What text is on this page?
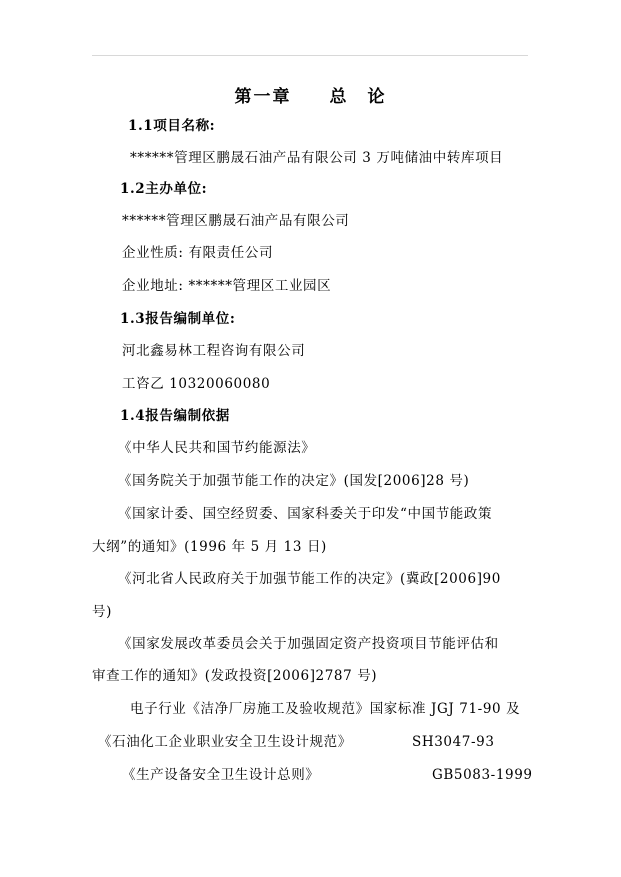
第一章 总　论
1.1项目名称:
******管理区鹏晟石油产品有限公司 3 万吨储油中转库项目
1.2主办单位:
******管理区鹏晟石油产品有限公司
企业性质: 有限责任公司
企业地址: ******管理区工业园区
1.3报告编制单位:
河北鑫易林工程咨询有限公司
工咨乙 10320060080
1.4报告编制依据
《中华人民共和国节约能源法》
《国务院关于加强节能工作的决定》(国发[2006]28 号)
《国家计委、国空经贸委、国家科委关于印发“中国节能政策
大纲”的通知》(1996 年 5 月 13 日)
《河北省人民政府关于加强节能工作的决定》(冀政[2006]90
号)
《国家发展改革委员会关于加强固定资产投资项目节能评估和
审查工作的通知》(发政投资[2006]2787 号)
电子行业《洁净厂房施工及验收规范》国家标准 JGJ 71-90 及
《石油化工企业职业安全卫生设计规范》	SH3047-93
《生产设备安全卫生设计总则》	GB5083-1999
